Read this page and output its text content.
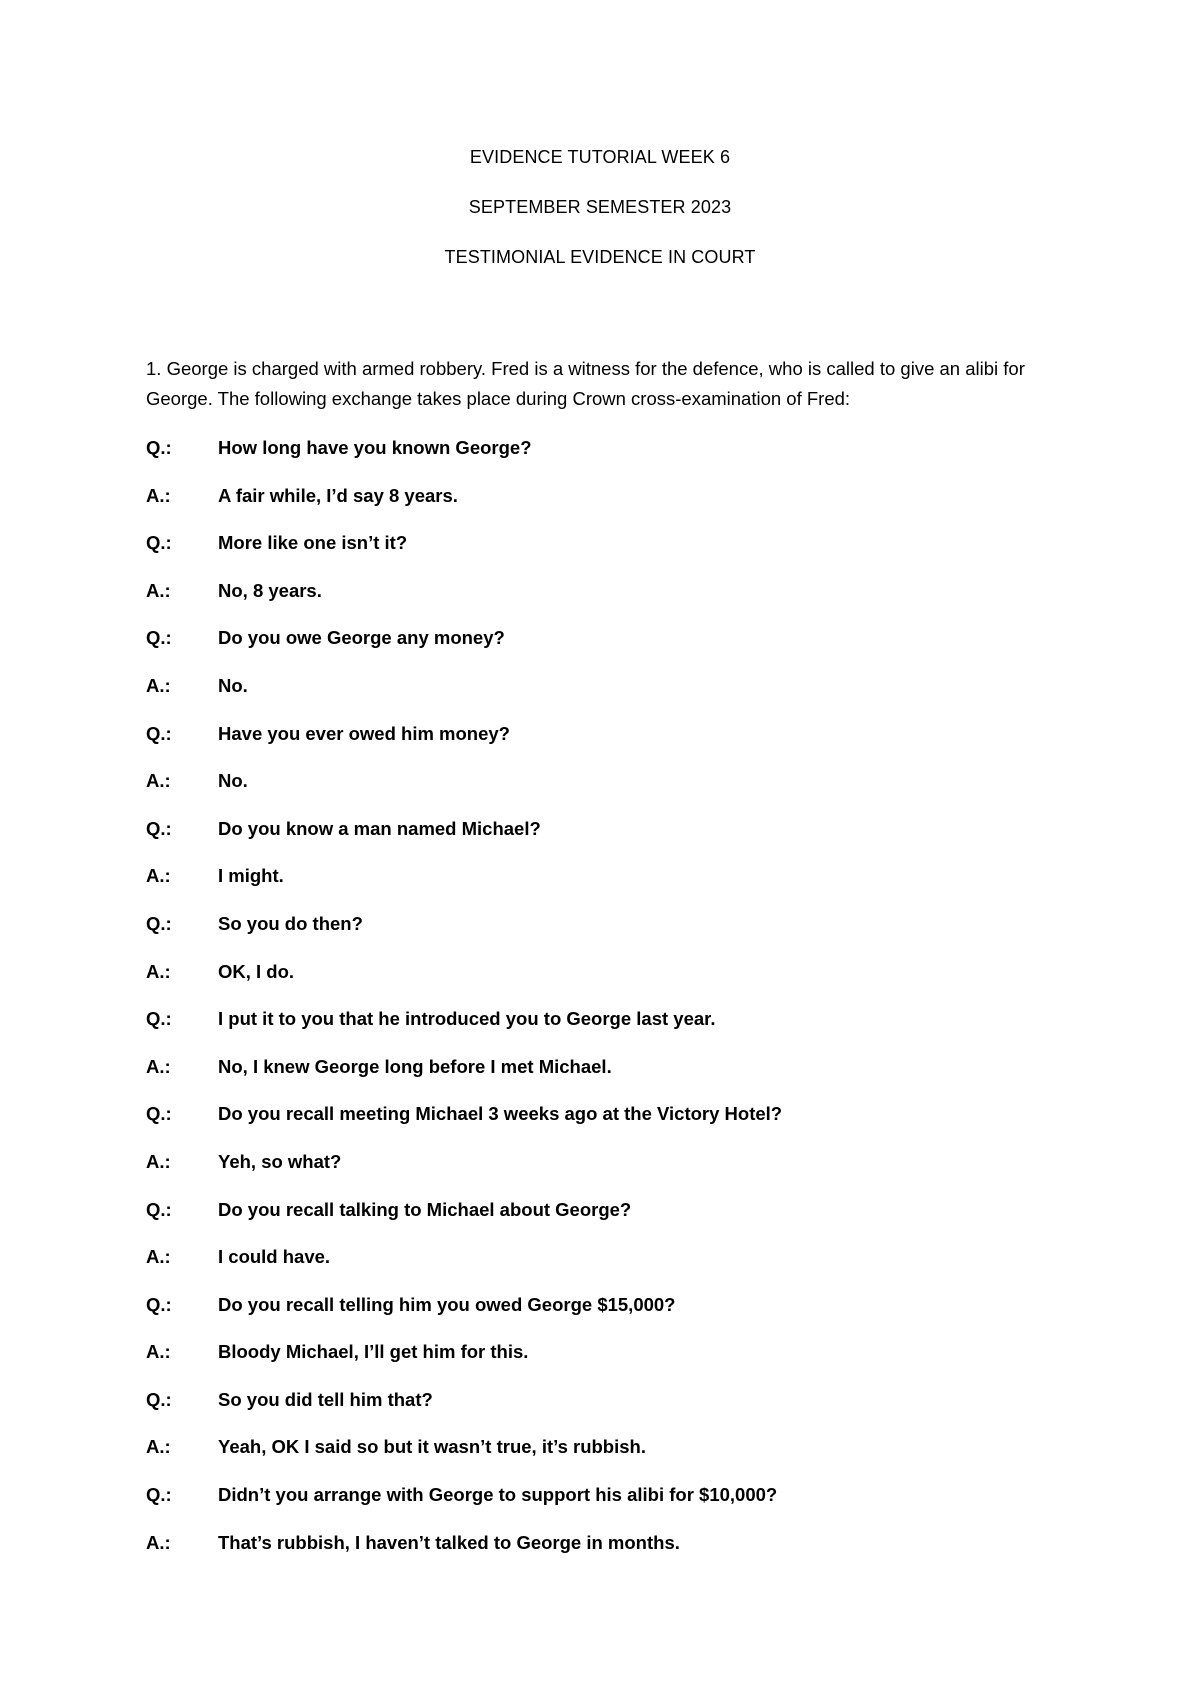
EVIDENCE TUTORIAL WEEK 6
SEPTEMBER SEMESTER 2023
TESTIMONIAL EVIDENCE IN COURT
1. George is charged with armed robbery. Fred is a witness for the defence, who is called to give an alibi for George. The following exchange takes place during Crown cross-examination of Fred:
Q.:	How long have you known George?
A.:	A fair while, I’d say 8 years.
Q.:	More like one isn’t it?
A.:	No, 8 years.
Q.:	Do you owe George any money?
A.:	No.
Q.:	Have you ever owed him money?
A.:	No.
Q.:	Do you know a man named Michael?
A.:	I might.
Q.:	So you do then?
A.:	OK, I do.
Q.:	I put it to you that he introduced you to George last year.
A.:	No, I knew George long before I met Michael.
Q.:	Do you recall meeting Michael 3 weeks ago at the Victory Hotel?
A.:	Yeh, so what?
Q.:	Do you recall talking to Michael about George?
A.:	I could have.
Q.:	Do you recall telling him you owed George $15,000?
A.:	Bloody Michael, I’ll get him for this.
Q.:	So you did tell him that?
A.:	Yeah, OK I said so but it wasn’t true, it’s rubbish.
Q.:	Didn’t you arrange with George to support his alibi for $10,000?
A.:	That’s rubbish, I haven’t talked to George in months.
